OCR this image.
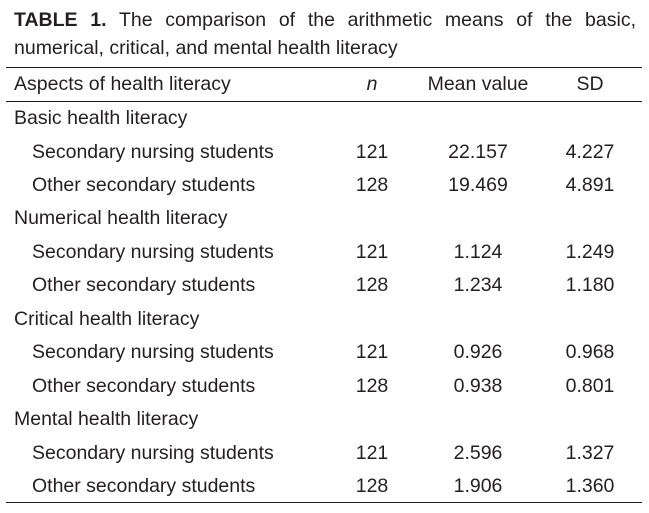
TABLE 1. The comparison of the arithmetic means of the basic, numerical, critical, and mental health literacy
Aspects of health literacy	n	Mean value	SD
Basic health literacy
Secondary nursing students	121	22.157	4.227
Other secondary students	128	19.469	4.891
Numerical health literacy
Secondary nursing students	121	1.124	1.249
Other secondary students	128	1.234	1.180
Critical health literacy
Secondary nursing students	121	0.926	0.968
Other secondary students	128	0.938	0.801
Mental health literacy
Secondary nursing students	121	2.596	1.327
Other secondary students	128	1.906	1.360
